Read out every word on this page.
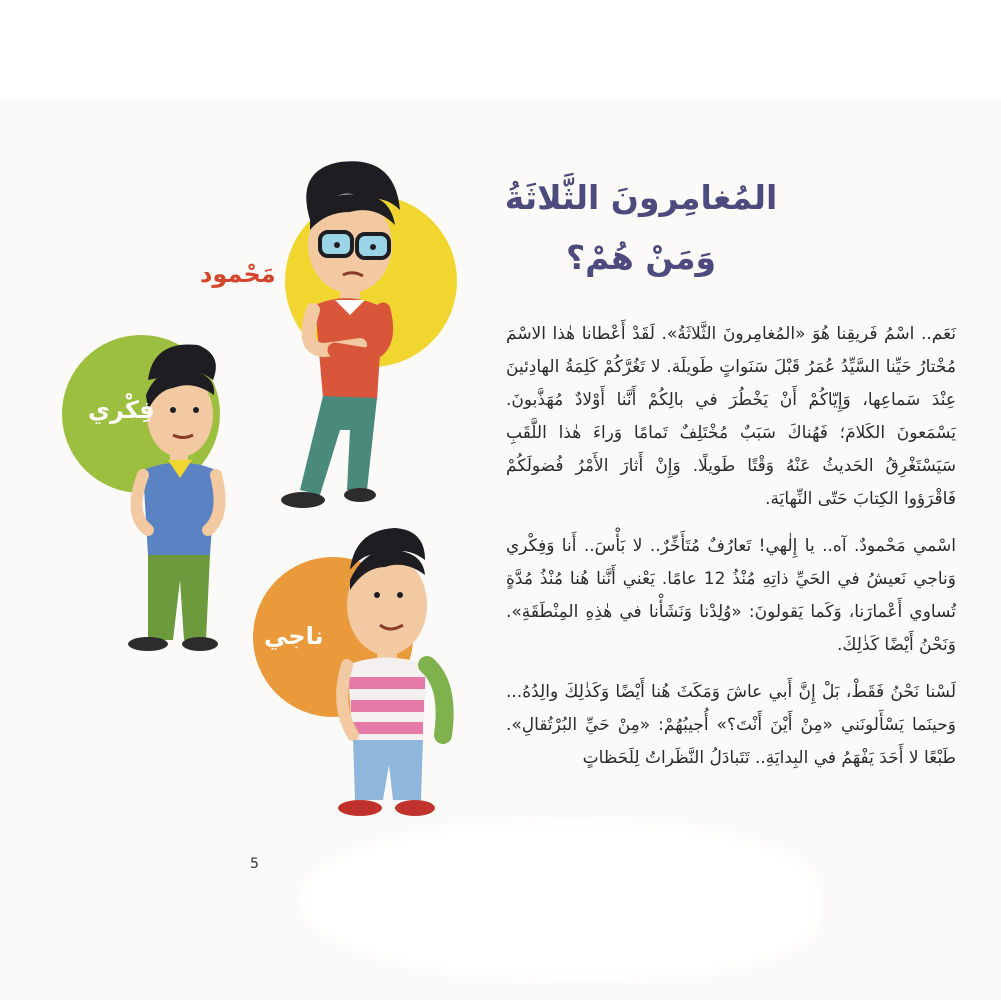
المُغامِرونَ الثَّلاثَةُ
وَمَنْ هُمْ؟

نَعَم.. اسْمُ فَريقِنا هُوَ «المُغامِرونَ الثَّلاثَةُ». لَقَدْ أَعْطانا هٰذا الاسْمَ مُخْتارُ حَيِّنا السَّيِّدُ عُمَرُ قَبْلَ سَنَواتٍ طَويلَة. لا تَغُرَّكُمْ كَلِمَةُ الهادِئينَ عِنْدَ سَماعِها، وَإِيّاكُمْ أَنْ يَخْطُرَ في بالِكُمْ أَنَّنا أَوْلادٌ مُهَذَّبونَ. يَسْمَعونَ الكَلامَ؛ فَهُناكَ سَبَبٌ مُخْتَلِفٌ تَمامًا وَراءَ هٰذا اللَّقَبِ سَيَسْتَغْرِقُ الحَديثُ عَنْهُ وَقْتًا طَويلًا. وَإِنْ أَثارَ الأَمْرُ فُضولَكُمْ فَاقْرَؤوا الكِتابَ حَتّى النِّهايَة.

اسْمي مَحْمودٌ. آه.. يا إِلٰهي! تَعارُفٌ مُتَأَخِّرٌ.. لا بَأْسَ.. أَنا وَفِكْري وَناجي نَعيشُ في الحَيِّ ذاتِهِ مُنْذُ 12 عامًا. يَعْني أَنَّنا هُنا مُنْذُ مُدَّةٍ تُساوي أَعْمارَنا، وَكَما يَقولونَ: «وُلِدْنا وَنَشَأْنا في هٰذِهِ المِنْطَقَةِ». وَنَحْنُ أَيْضًا كَذٰلِكَ.

لَسْنا نَحْنُ فَقَطْ، بَلْ إِنَّ أَبي عاشَ وَمَكَثَ هُنا أَيْضًا وَكَذٰلِكَ والِدُهُ... وَحينَما يَسْأَلونَني «مِنْ أَيْنَ أَنْتَ؟» أُجيبُهُمْ: «مِنْ حَيِّ البُرْتُقالِ». طَبْعًا لا أَحَدَ يَفْهَمُ في البِدايَةِ.. تَتَبادَلُ النَّظَراتُ لِلَحَظاتٍ

مَحْمود
فِكْري
ناجي
5
